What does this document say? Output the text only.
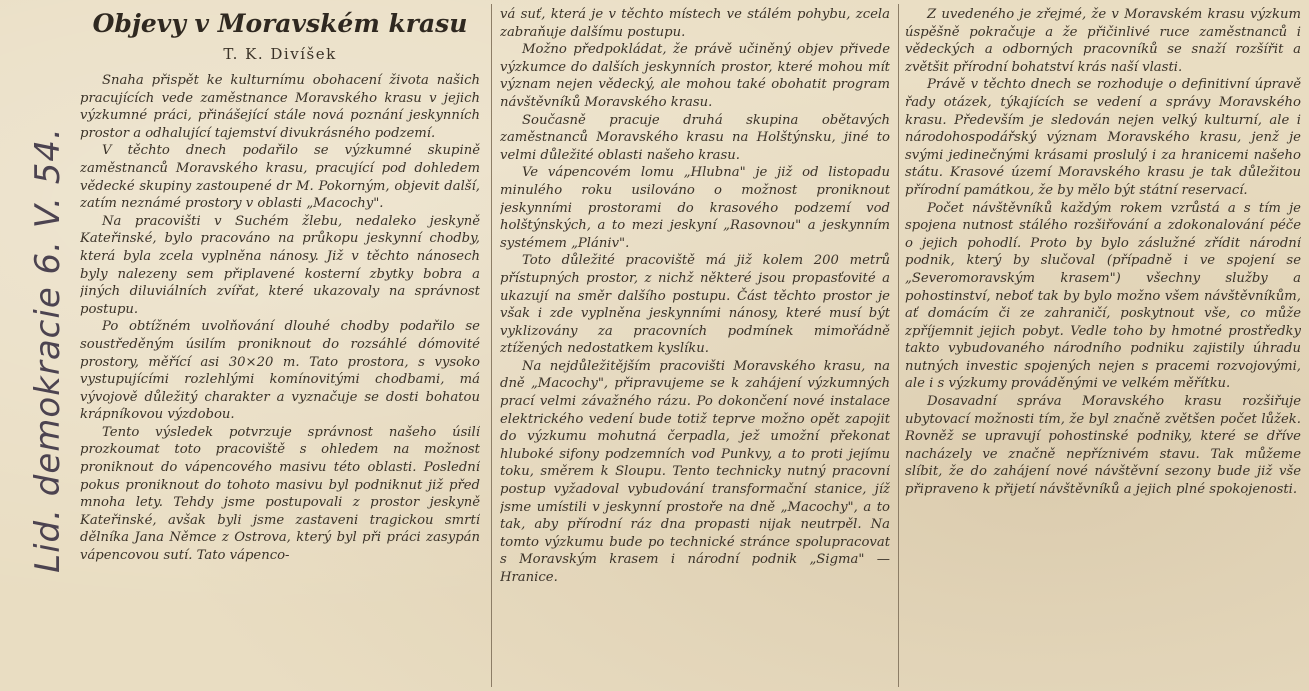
Lid. demokracie 6. V. 54.
Objevy v Moravském krasu
T. K. Divíšek

Snaha přispět ke kulturnímu obohacení života našich pracujících vede zaměstnance Moravského krasu v jejich výzkumné práci, přinášející stále nová poznání jeskynních prostor a odhalující tajemství divukrásného podzemí.

V těchto dnech podařilo se výzkumné skupině zaměstnanců Moravského krasu, pracující pod dohledem vědecké skupiny zastoupené dr M. Pokorným, objevit další, zatím neznámé prostory v oblasti „Macochy".

Na pracovišti v Suchém žlebu, nedaleko jeskyně Kateřinské, bylo pracováno na průkopu jeskynní chodby, která byla zcela vyplněna nánosy. Již v těchto nánosech byly nalezeny sem připlavené kosterní zbytky bobra a jiných diluviálních zvířat, které ukazovaly na správnost postupu.

Po obtížném uvolňování dlouhé chodby podařilo se soustředěným úsilím proniknout do rozsáhlé dómovité prostory, měřící asi 30×20 m. Tato prostora, s vysoko vystupujícími rozlehlými komínovitými chodbami, má vývojově důležitý charakter a vyznačuje se dosti bohatou krápníkovou výzdobou.

Tento výsledek potvrzuje správnost našeho úsilí prozkoumat toto pracoviště s ohledem na možnost proniknout do vápencového masivu této oblasti. Poslední pokus proniknout do tohoto masivu byl podniknut již před mnoha lety. Tehdy jsme postupovali z prostor jeskyně Kateřinské, avšak byli jsme zastaveni tragickou smrtí dělníka Jana Němce z Ostrova, který byl při práci zasypán vápencovou sutí. Tato vápenco-

vá suť, která je v těchto místech ve stálém pohybu, zcela zabraňuje dalšímu postupu.

Možno předpokládat, že právě učiněný objev přivede výzkumce do dalších jeskynních prostor, které mohou mít význam nejen vědecký, ale mohou také obohatit program návštěvníků Moravského krasu.

Současně pracuje druhá skupina obětavých zaměstnanců Moravského krasu na Holštýnsku, jiné to velmi důležité oblasti našeho krasu.

Ve vápencovém lomu „Hlubna" je již od listopadu minulého roku usilováno o možnost proniknout jeskynními prostorami do krasového podzemí vod holštýnských, a to mezi jeskyní „Rasovnou" a jeskynním systémem „Plániv".

Toto důležité pracoviště má již kolem 200 metrů přístupných prostor, z nichž některé jsou propasťovité a ukazují na směr dalšího postupu. Část těchto prostor je však i zde vyplněna jeskynními nánosy, které musí být vyklizovány za pracovních podmínek mimořádně ztížených nedostatkem kyslíku.

Na nejdůležitějším pracovišti Moravského krasu, na dně „Macochy", připravujeme se k zahájení výzkumných prací velmi závažného rázu. Po dokončení nové instalace elektrického vedení bude totiž teprve možno opět zapojit do výzkumu mohutná čerpadla, jež umožní překonat hluboké sifony podzemních vod Punkvy, a to proti jejímu toku, směrem k Sloupu. Tento technicky nutný pracovní postup vyžadoval vybudování transformační stanice, jíž jsme umístili v jeskynní prostoře na dně „Macochy", a to tak, aby přírodní ráz dna propasti nijak neutrpěl. Na tomto výzkumu bude po technické stránce spolupracovat s Moravským krasem i národní podnik „Sigma" — Hranice.

Z uvedeného je zřejmé, že v Moravském krasu výzkum úspěšně pokračuje a že přičinlivé ruce zaměstnanců i vědeckých a odborných pracovníků se snaží rozšířit a zvětšit přírodní bohatství krás naší vlasti.

Právě v těchto dnech se rozhoduje o definitivní úpravě řady otázek, týkajících se vedení a správy Moravského krasu. Především je sledován nejen velký kulturní, ale i národohospodářský význam Moravského krasu, jenž je svými jedinečnými krásami proslulý i za hranicemi našeho státu. Krasové území Moravského krasu je tak důležitou přírodní památkou, že by mělo být státní reservací.

Počet návštěvníků každým rokem vzrůstá a s tím je spojena nutnost stálého rozšiřování a zdokonalování péče o jejich pohodlí. Proto by bylo záslužné zřídit národní podnik, který by slučoval (případně i ve spojení se „Severomoravským krasem") všechny služby a pohostinství, neboť tak by bylo možno všem návštěvníkům, ať domácím či ze zahraničí, poskytnout vše, co může zpříjemnit jejich pobyt. Vedle toho by hmotné prostředky takto vybudovaného národního podniku zajistily úhradu nutných investic spojených nejen s pracemi rozvojovými, ale i s výzkumy prováděnými ve velkém měřítku.

Dosavadní správa Moravského krasu rozšiřuje ubytovací možnosti tím, že byl značně zvětšen počet lůžek. Rovněž se upravují pohostinské podniky, které se dříve nacházely ve značně nepříznivém stavu. Tak můžeme slíbit, že do zahájení nové návštěvní sezony bude již vše připraveno k přijetí návštěvníků a jejich plné spokojenosti.
